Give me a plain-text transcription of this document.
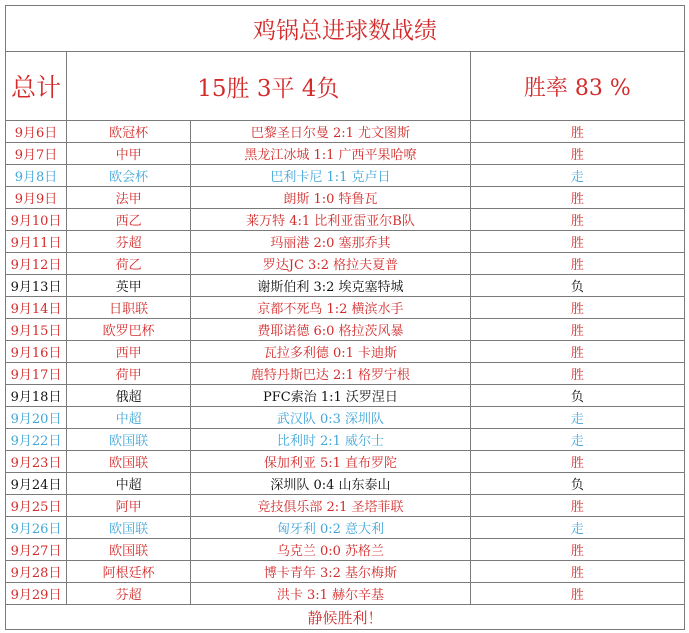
鸡锅总进球数战绩			
总计	15胜 3平 4负		胜率 83 %
9月6日	欧冠杯	巴黎圣日尔曼 2:1 尤文图斯	胜
9月7日	中甲	黑龙江冰城 1:1 广西平果哈嘹	胜
9月8日	欧会杯	巴利卡尼 1:1 克卢日	走
9月9日	法甲	朗斯 1:0 特鲁瓦	胜
9月10日	西乙	莱万特 4:1 比利亚雷亚尔B队	胜
9月11日	芬超	玛丽港 2:0 塞那乔其	胜
9月12日	荷乙	罗达JC 3:2 格拉夫夏普	胜
9月13日	英甲	谢斯伯利 3:2 埃克塞特城	负
9月14日	日职联	京都不死鸟 1:2 横滨水手	胜
9月15日	欧罗巴杯	费耶诺德 6:0 格拉茨风暴	胜
9月16日	西甲	瓦拉多利德 0:1 卡迪斯	胜
9月17日	荷甲	鹿特丹斯巴达 2:1 格罗宁根	胜
9月18日	俄超	PFC索治 1:1 沃罗涅日	负
9月20日	中超	武汉队 0:3 深圳队	走
9月22日	欧国联	比利时 2:1 威尔士	走
9月23日	欧国联	保加利亚 5:1 直布罗陀	胜
9月24日	中超	深圳队 0:4 山东泰山	负
9月25日	阿甲	竞技俱乐部 2:1 圣塔菲联	胜
9月26日	欧国联	匈牙利 0:2 意大利	走
9月27日	欧国联	乌克兰 0:0 苏格兰	胜
9月28日	阿根廷杯	博卡青年 3:2 基尔梅斯	胜
9月29日	芬超	洪卡 3:1 赫尔辛基	胜
静候胜利！			
